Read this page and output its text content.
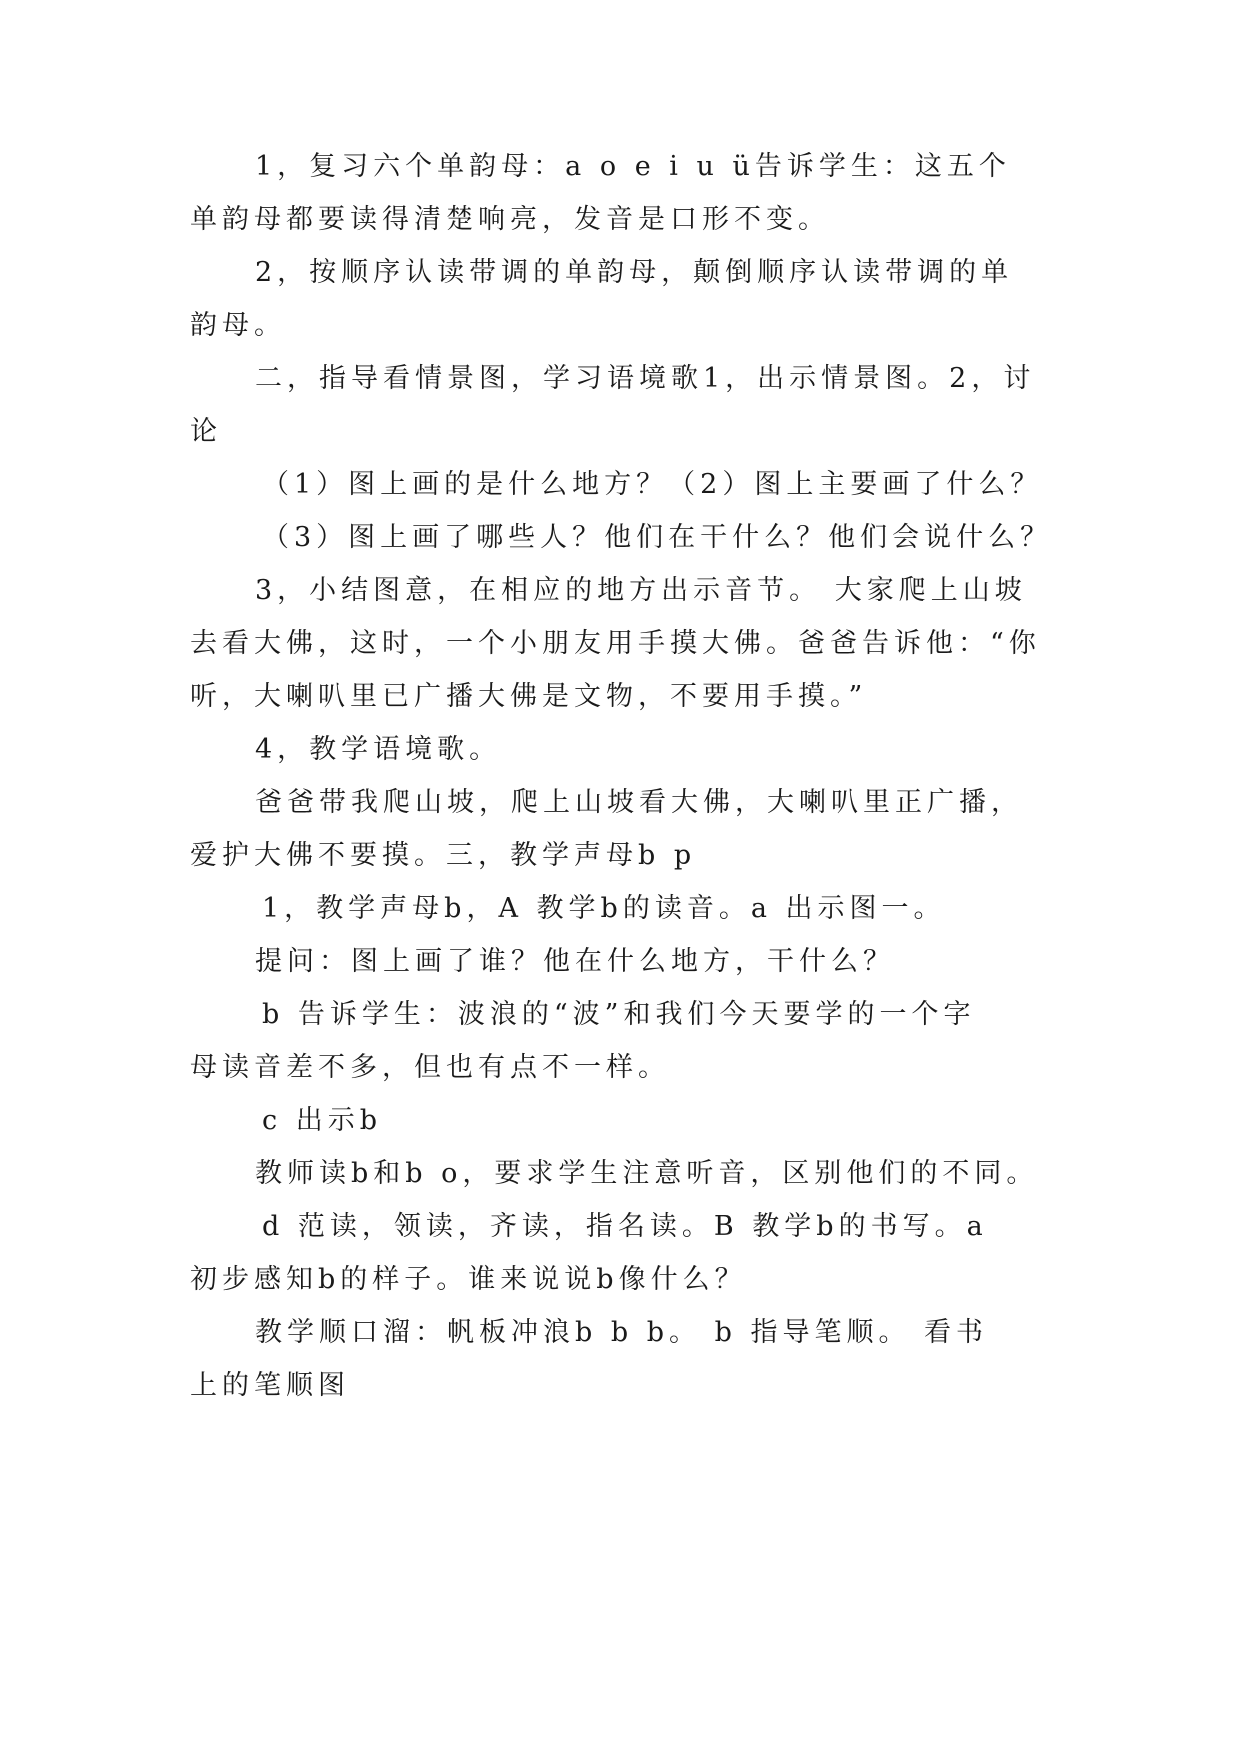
1，复习六个单韵母：a o e i u ü告诉学生：这五个
单韵母都要读得清楚响亮，发音是口形不变。
2，按顺序认读带调的单韵母，颠倒顺序认读带调的单
韵母。
二，指导看情景图，学习语境歌1，出示情景图。2，讨
论
（1）图上画的是什么地方？（2）图上主要画了什么？
（3）图上画了哪些人？他们在干什么？他们会说什么？
3，小结图意，在相应的地方出示音节。 大家爬上山坡
去看大佛，这时，一个小朋友用手摸大佛。爸爸告诉他：“你
听，大喇叭里已广播大佛是文物，不要用手摸。”
4，教学语境歌。
爸爸带我爬山坡，爬上山坡看大佛，大喇叭里正广播，
爱护大佛不要摸。三，教学声母b p
1，教学声母b，A 教学b的读音。a 出示图一。
提问：图上画了谁？他在什么地方，干什么？
b 告诉学生：波浪的“波”和我们今天要学的一个字
母读音差不多，但也有点不一样。
c 出示b
教师读b和b o，要求学生注意听音，区别他们的不同。
d 范读，领读，齐读，指名读。B 教学b的书写。a
初步感知b的样子。谁来说说b像什么？
教学顺口溜：帆板冲浪b b b。 b 指导笔顺。 看书
上的笔顺图
